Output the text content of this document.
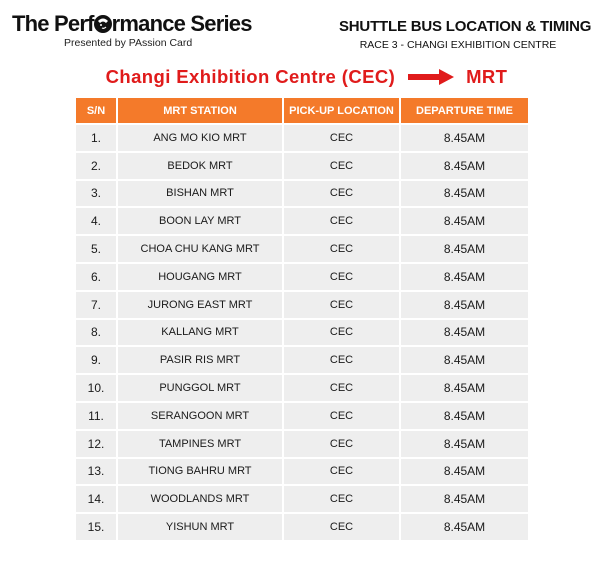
The Perf rmance Series
Presented by PAssion Card
SHUTTLE BUS LOCATION & TIMING
RACE 3 - CHANGI EXHIBITION CENTRE
Changi Exhibition Centre (CEC)	MRT
S/N	MRT STATION	PICK-UP LOCATION	DEPARTURE TIME
1.	ANG MO KIO MRT	CEC	8.45AM
2.	BEDOK MRT	CEC	8.45AM
3.	BISHAN MRT	CEC	8.45AM
4.	BOON LAY MRT	CEC	8.45AM
5.	CHOA CHU KANG MRT	CEC	8.45AM
6.	HOUGANG MRT	CEC	8.45AM
7.	JURONG EAST MRT	CEC	8.45AM
8.	KALLANG MRT	CEC	8.45AM
9.	PASIR RIS MRT	CEC	8.45AM
10.	PUNGGOL MRT	CEC	8.45AM
11.	SERANGOON MRT	CEC	8.45AM
12.	TAMPINES MRT	CEC	8.45AM
13.	TIONG BAHRU MRT	CEC	8.45AM
14.	WOODLANDS MRT	CEC	8.45AM
15.	YISHUN MRT	CEC	8.45AM
